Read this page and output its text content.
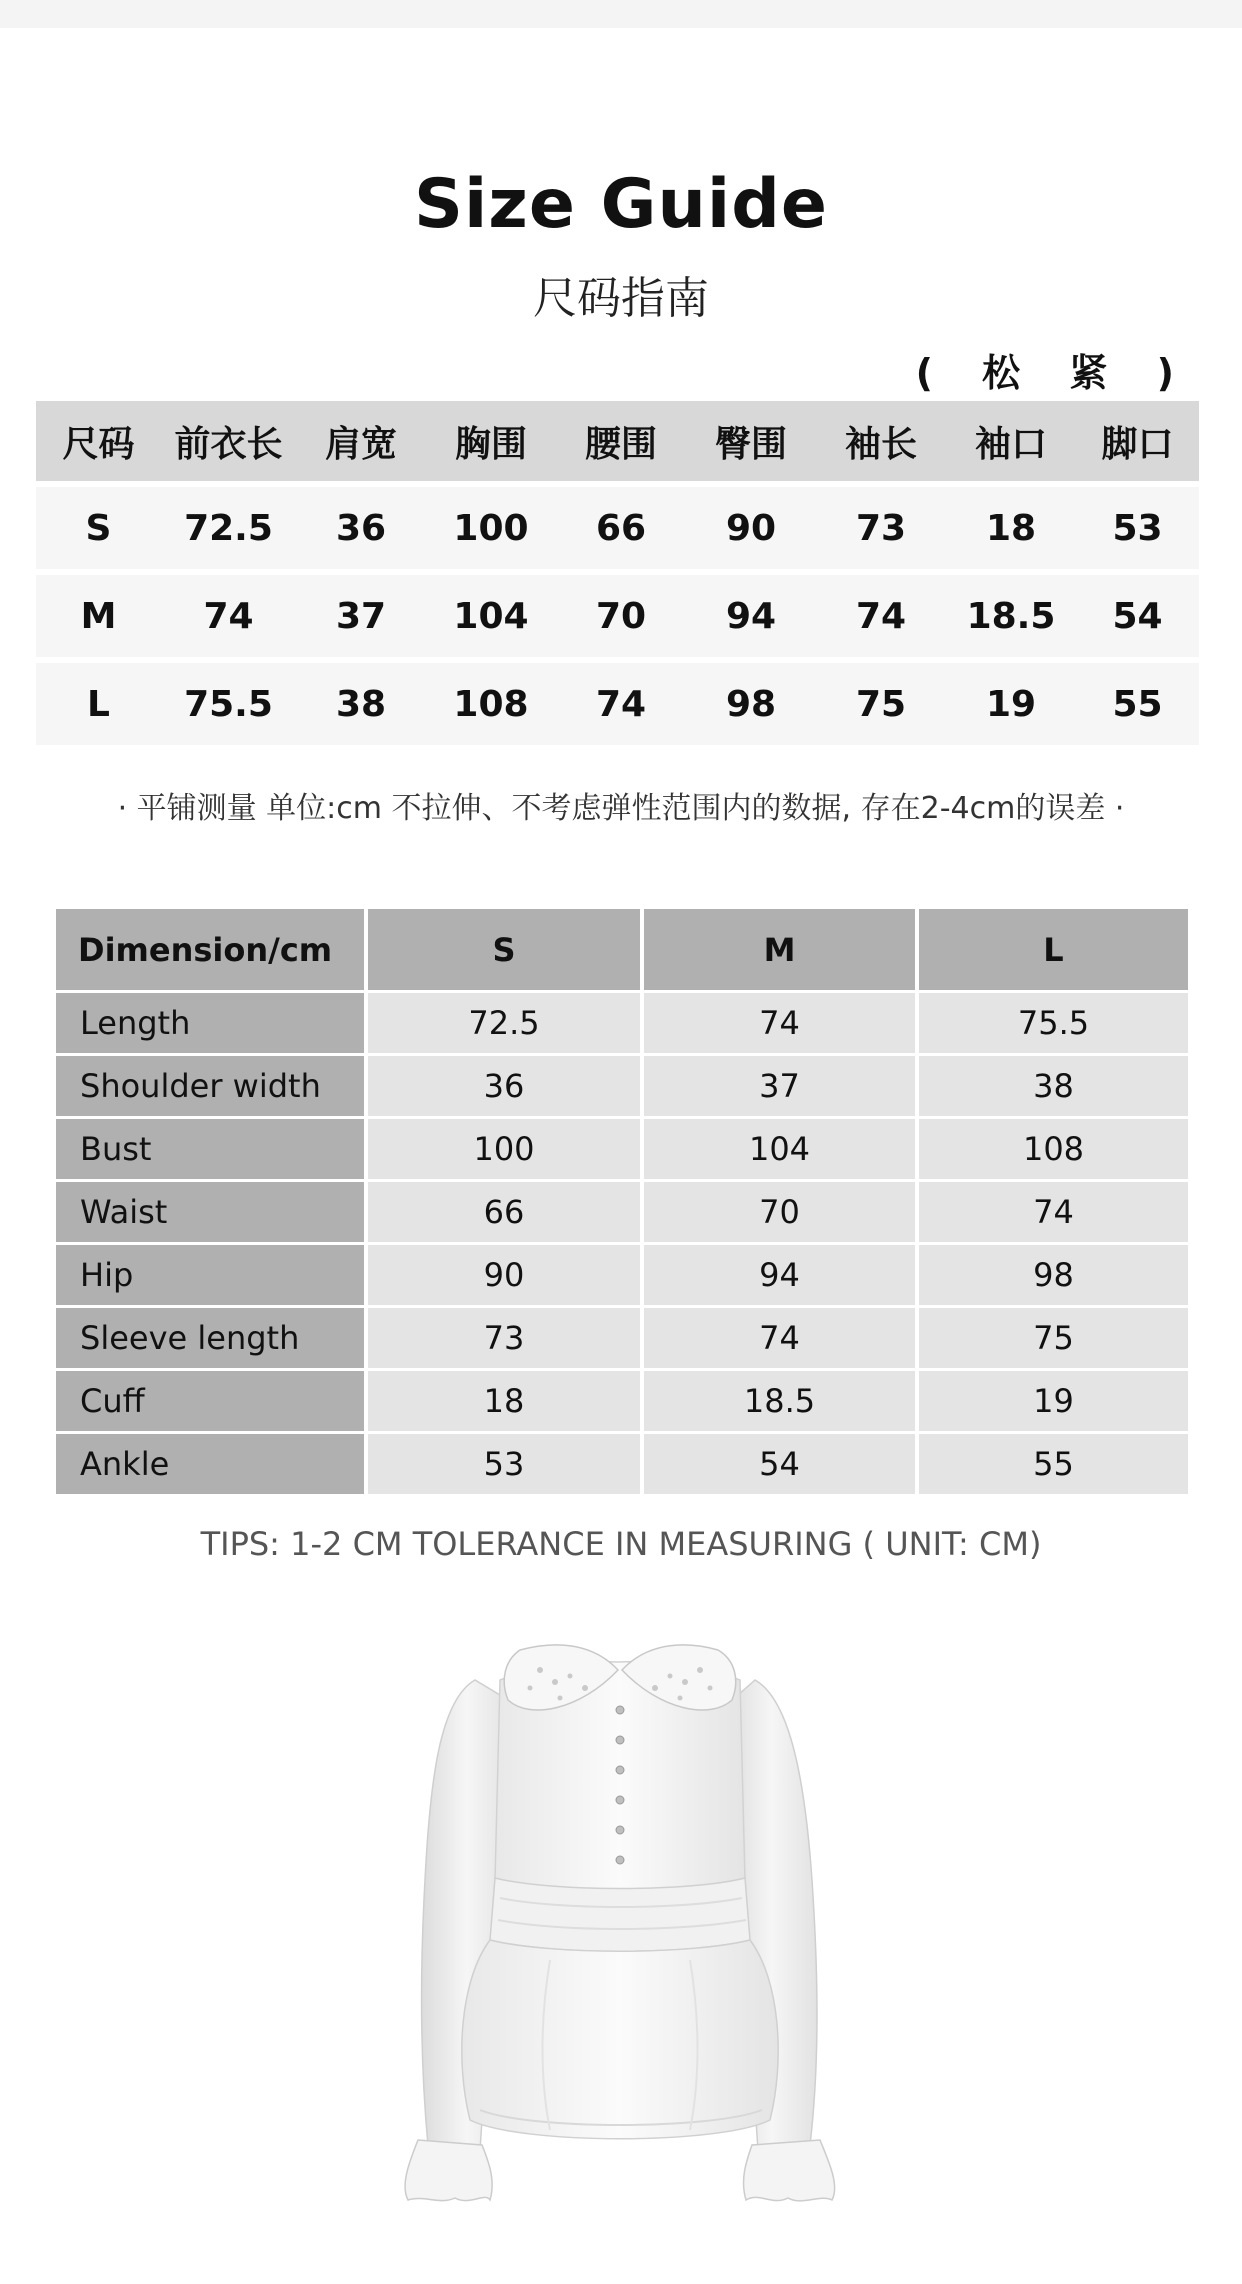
Size Guide
尺码指南
( 松 紧 )
尺码	前衣长	肩宽	胸围	腰围	臀围	袖长	袖口	脚口
S	72.5	36	100	66	90	73	18	53
M	74	37	104	70	94	74	18.5	54
L	75.5	38	108	74	98	75	19	55
· 平铺测量 单位:cm 不拉伸、不考虑弹性范围内的数据, 存在2-4cm的误差 ·
Dimension/cm	S	M	L
Length	72.5	74	75.5
Shoulder width	36	37	38
Bust	100	104	108
Waist	66	70	74
Hip	90	94	98
Sleeve length	73	74	75
Cuff	18	18.5	19
Ankle	53	54	55
TIPS: 1-2 CM TOLERANCE IN MEASURING ( UNIT: CM)
